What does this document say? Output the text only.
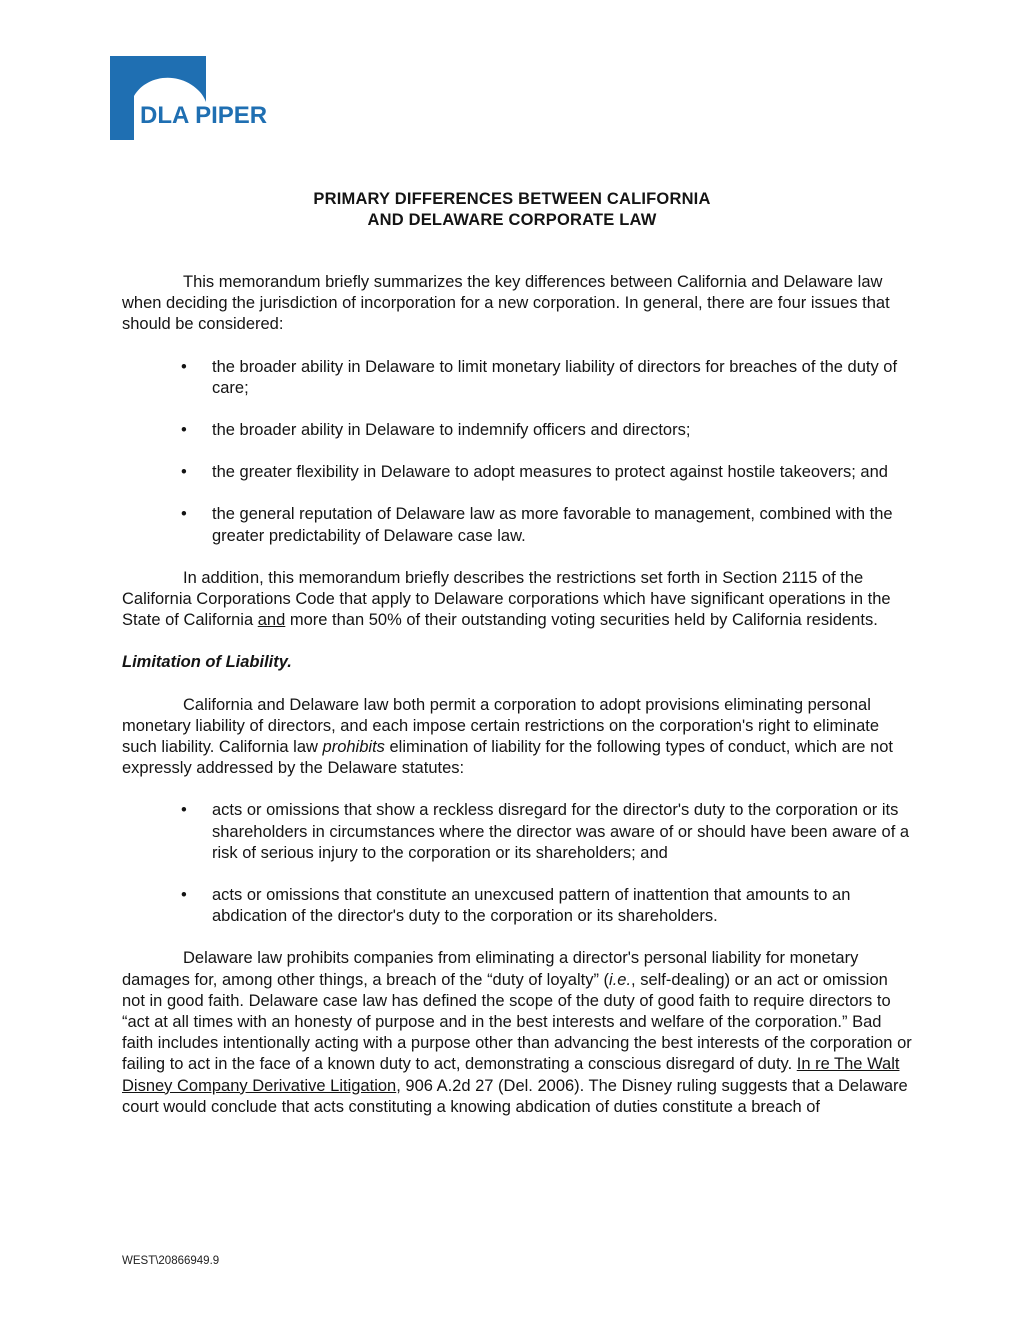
DLA PIPER
PRIMARY DIFFERENCES BETWEEN CALIFORNIA
AND DELAWARE CORPORATE LAW

This memorandum briefly summarizes the key differences between California and Delaware law when deciding the jurisdiction of incorporation for a new corporation. In general, there are four issues that should be considered:

• the broader ability in Delaware to limit monetary liability of directors for breaches of the duty of care;
• the broader ability in Delaware to indemnify officers and directors;
• the greater flexibility in Delaware to adopt measures to protect against hostile takeovers; and
• the general reputation of Delaware law as more favorable to management, combined with the greater predictability of Delaware case law.

In addition, this memorandum briefly describes the restrictions set forth in Section 2115 of the California Corporations Code that apply to Delaware corporations which have significant operations in the State of California and more than 50% of their outstanding voting securities held by California residents.

Limitation of Liability.

California and Delaware law both permit a corporation to adopt provisions eliminating personal monetary liability of directors, and each impose certain restrictions on the corporation's right to eliminate such liability. California law prohibits elimination of liability for the following types of conduct, which are not expressly addressed by the Delaware statutes:

• acts or omissions that show a reckless disregard for the director's duty to the corporation or its shareholders in circumstances where the director was aware of or should have been aware of a risk of serious injury to the corporation or its shareholders; and
• acts or omissions that constitute an unexcused pattern of inattention that amounts to an abdication of the director's duty to the corporation or its shareholders.

Delaware law prohibits companies from eliminating a director's personal liability for monetary damages for, among other things, a breach of the “duty of loyalty” (i.e., self-dealing) or an act or omission not in good faith. Delaware case law has defined the scope of the duty of good faith to require directors to “act at all times with an honesty of purpose and in the best interests and welfare of the corporation.” Bad faith includes intentionally acting with a purpose other than advancing the best interests of the corporation or failing to act in the face of a known duty to act, demonstrating a conscious disregard of duty. In re The Walt Disney Company Derivative Litigation, 906 A.2d 27 (Del. 2006). The Disney ruling suggests that a Delaware court would conclude that acts constituting a knowing abdication of duties constitute a breach of

WEST\20866949.9
